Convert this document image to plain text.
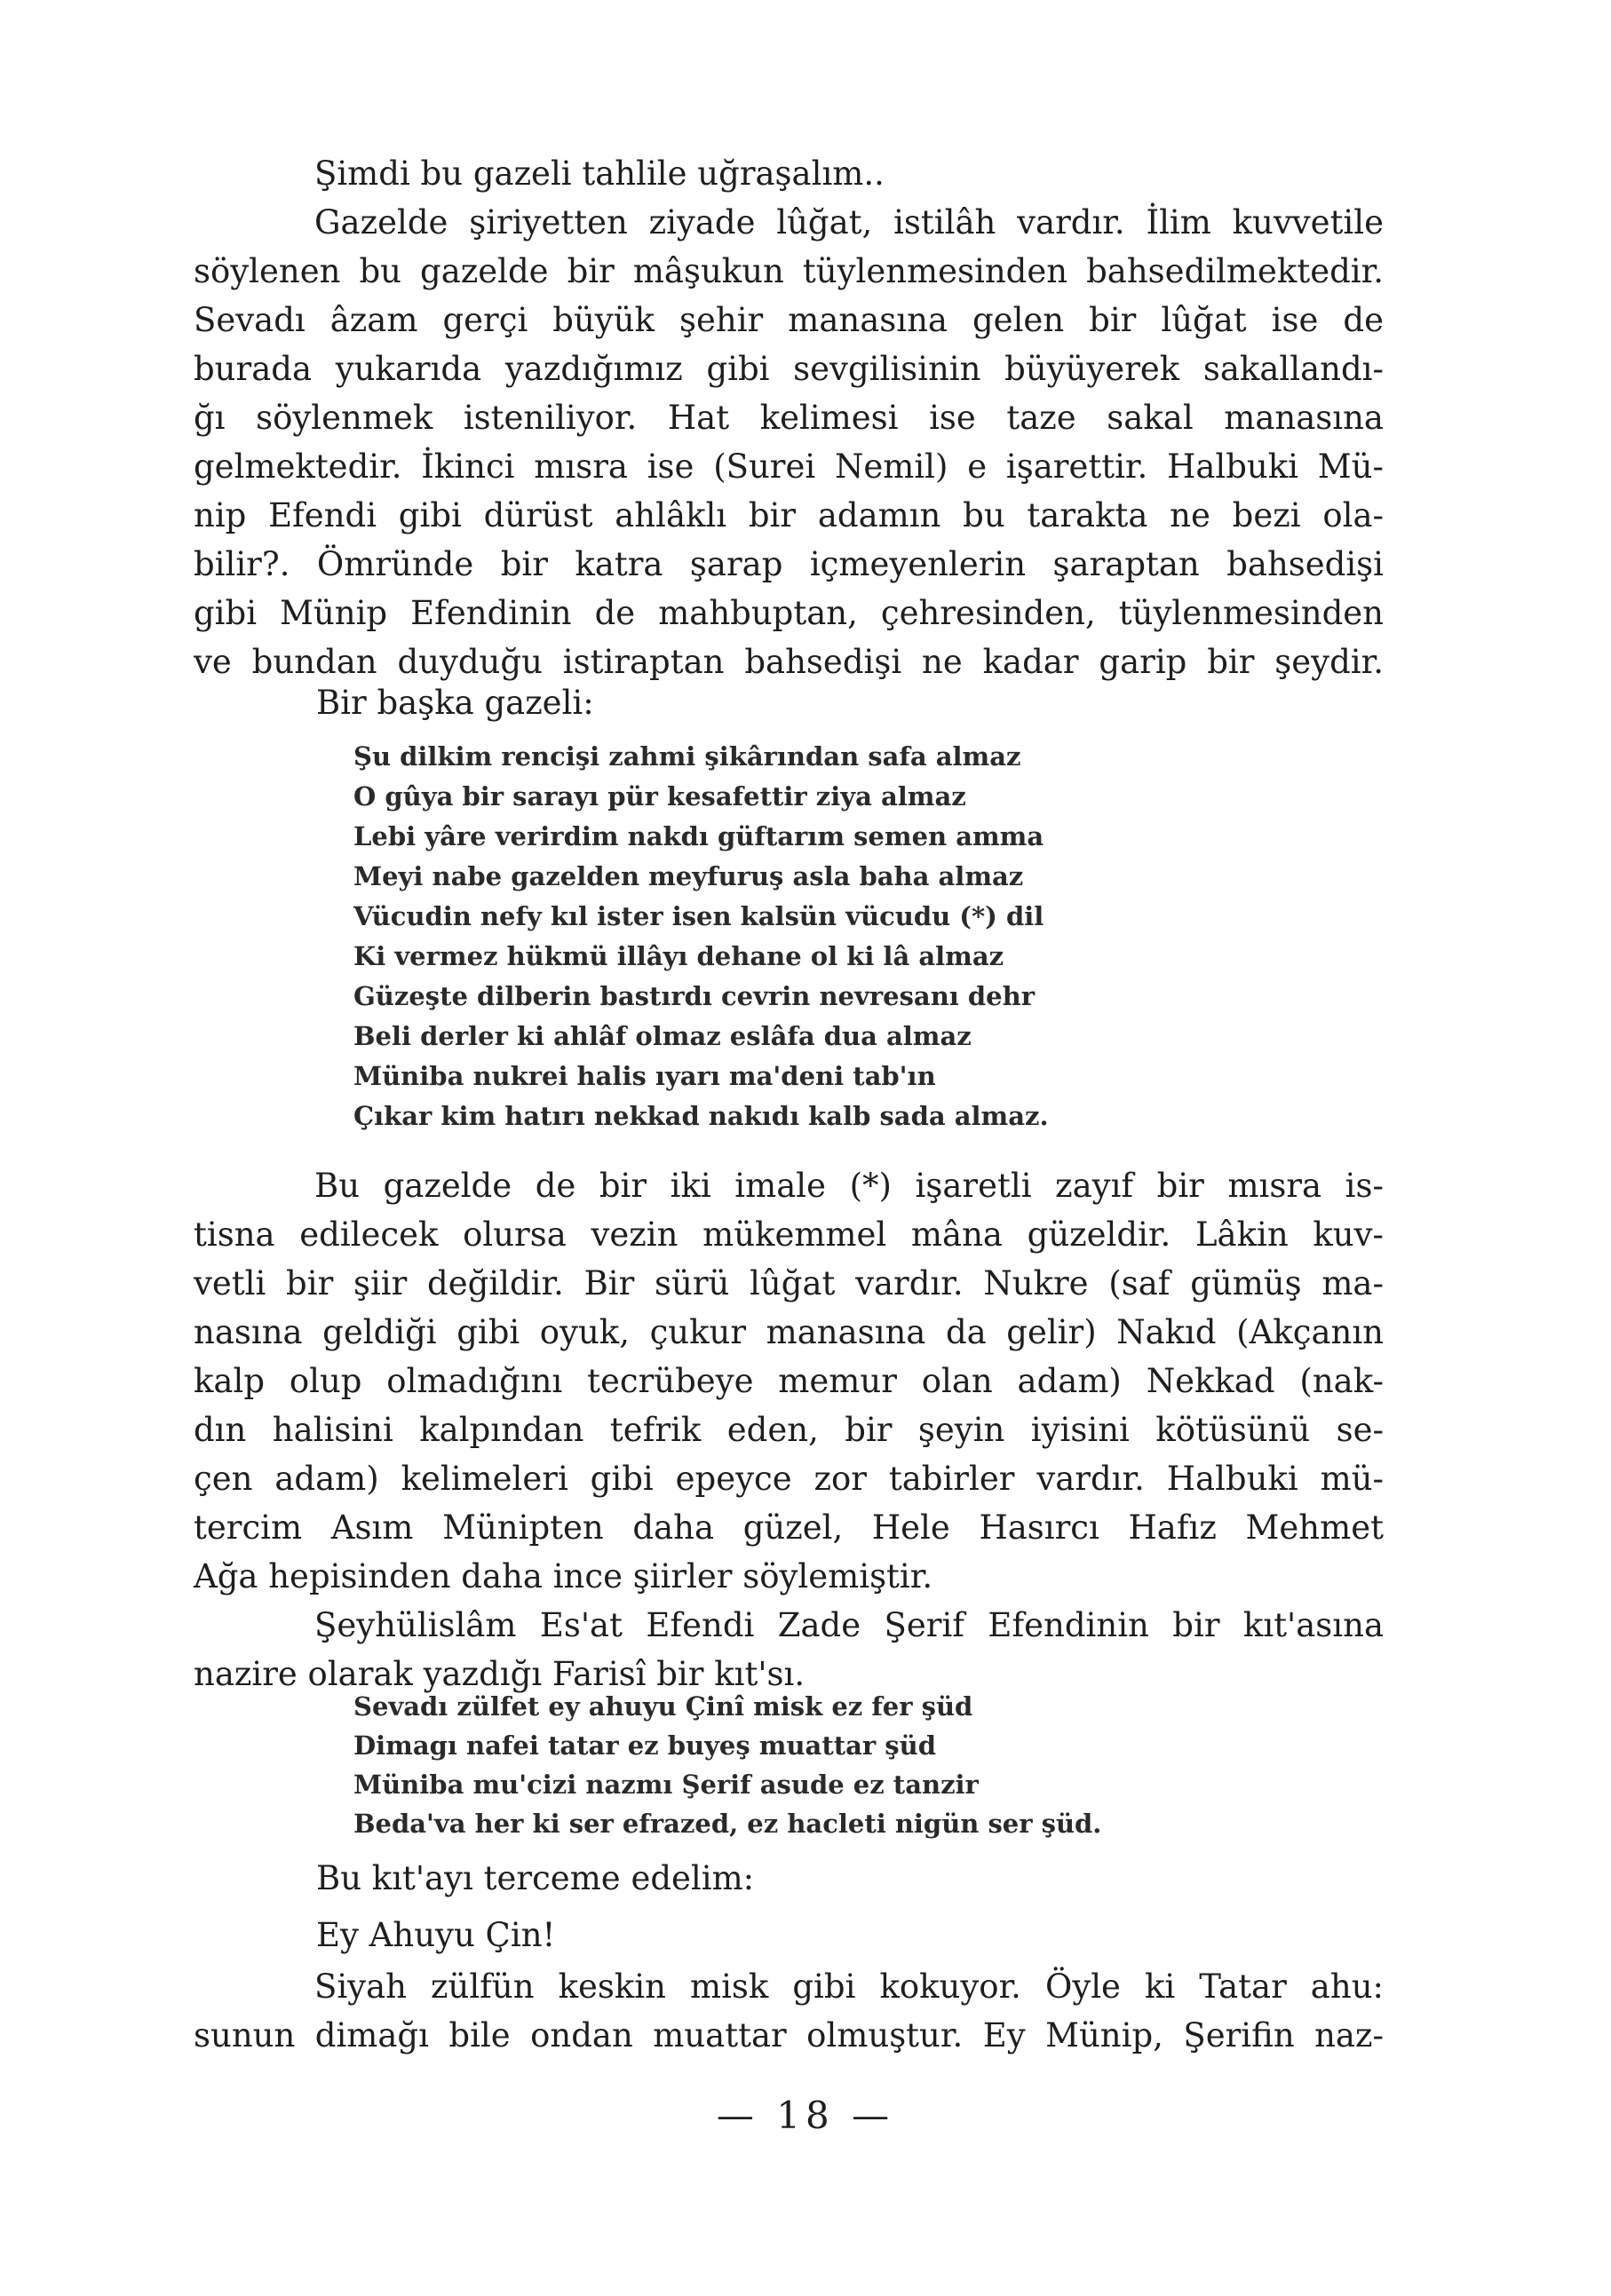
Şimdi bu gazeli tahlile uğraşalım..

Gazelde şiriyetten ziyade lûğat, istilâh vardır. İlim kuvvetile

söylenen bu gazelde bir mâşukun tüylenmesinden bahsedilmektedir.

Sevadı âzam gerçi büyük şehir manasına gelen bir lûğat ise de

burada yukarıda yazdığımız gibi sevgilisinin büyüyerek sakallandı-

ğı söylenmek isteniliyor. Hat kelimesi ise taze sakal manasına

gelmektedir. İkinci mısra ise (Surei Nemil) e işarettir. Halbuki Mü-

nip Efendi gibi dürüst ahlâklı bir adamın bu tarakta ne bezi ola-

bilir?. Ömründe bir katra şarap içmeyenlerin şaraptan bahsedişi

gibi Münip Efendinin de mahbuptan, çehresinden, tüylenmesinden

ve bundan duyduğu istiraptan bahsedişi ne kadar garip bir şeydir.

Bir başka gazeli:
Şu dilkim rencişi zahmi şikârından safa almaz
O gûya bir sarayı pür kesafettir ziya almaz
Lebi yâre verirdim nakdı güftarım semen amma
Meyi nabe gazelden meyfuruş asla baha almaz
Vücudin nefy kıl ister isen kalsün vücudu (*) dil
Ki vermez hükmü illâyı dehane ol ki lâ almaz
Güzeşte dilberin bastırdı cevrin nevresanı dehr
Beli derler ki ahlâf olmaz eslâfa dua almaz
Müniba nukrei halis ıyarı ma'deni tab'ın
Çıkar kim hatırı nekkad nakıdı kalb sada almaz.

Bu gazelde de bir iki imale (*) işaretli zayıf bir mısra is-

tisna edilecek olursa vezin mükemmel mâna güzeldir. Lâkin kuv-

vetli bir şiir değildir. Bir sürü lûğat vardır. Nukre (saf gümüş ma-

nasına geldiği gibi oyuk, çukur manasına da gelir) Nakıd (Akçanın

kalp olup olmadığını tecrübeye memur olan adam) Nekkad (nak-

dın halisini kalpından tefrik eden, bir şeyin iyisini kötüsünü se-

çen adam) kelimeleri gibi epeyce zor tabirler vardır. Halbuki mü-

tercim Asım Münipten daha güzel, Hele Hasırcı Hafız Mehmet

Ağa hepisinden daha ince şiirler söylemiştir.

Şeyhülislâm Es'at Efendi Zade Şerif Efendinin bir kıt'asına

nazire olarak yazdığı Farisî bir kıt'sı.

Sevadı zülfet ey ahuyu Çinî misk ez fer şüd
Dimagı nafei tatar ez buyeş muattar şüd
Müniba mu'cizi nazmı Şerif asude ez tanzir
Beda'va her ki ser efrazed, ez hacleti nigün ser şüd.
Bu kıt'ayı tercеme edelim:
Ey Ahuyu Çin!

Siyah zülfün keskin misk gibi kokuyor. Öyle ki Tatar ahu:

sunun dimağı bile ondan muattar olmuştur. Ey Münip, Şerifin naz-

— 18 —
